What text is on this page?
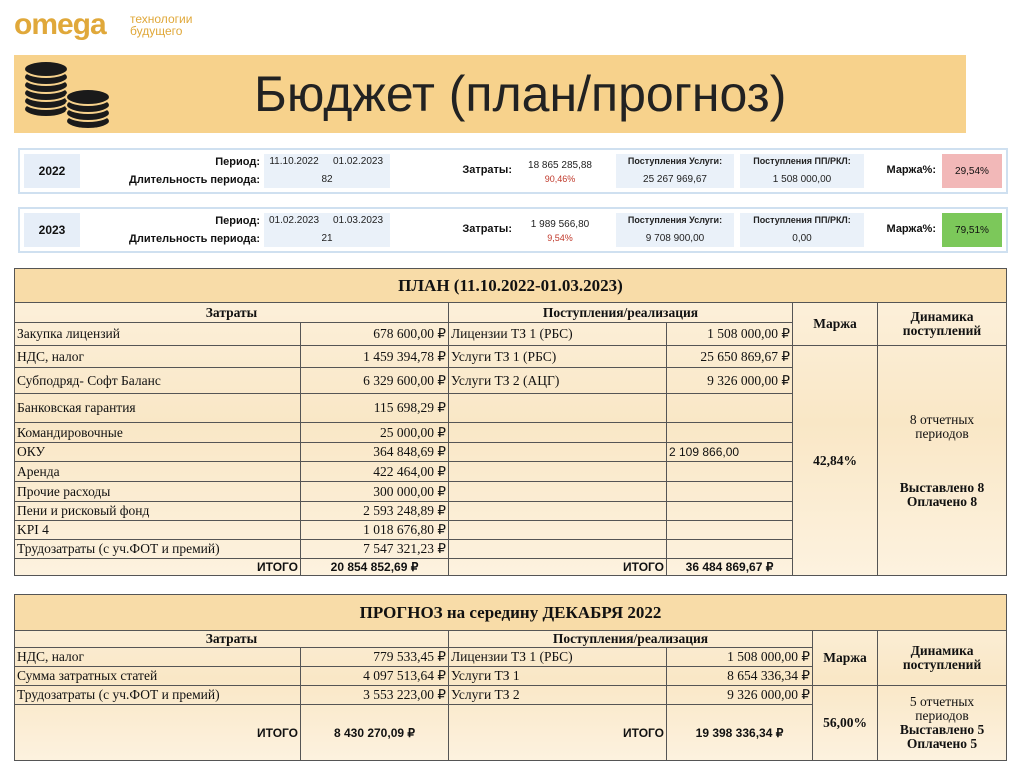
omega технологии будущего
Бюджет (план/прогноз)
2022
Период:
Длительность периода:
11.10.2022	01.02.2023
82
Затраты:	18 865 285,88
90,46%
Поступления Услуги:
25 267 969,67
Поступления ПП/РКЛ:
1 508 000,00
Маржа%:	29,54%
2023
Период:
Длительность периода:
01.02.2023	01.03.2023
21
Затраты:	1 989 566,80
9,54%
Поступления Услуги:
9 708 900,00
Поступления ПП/РКЛ:
0,00
Маржа%:	79,51%
ПЛАН (11.10.2022-01.03.2023)					
Затраты		Поступления/реализация		Маржа	Динамика поступлений
Закупка лицензий	678 600,00 ₽	Лицензии ТЗ 1 (РБС)	1 508 000,00 ₽		
НДС, налог	1 459 394,78 ₽	Услуги ТЗ 1 (РБС)	25 650 869,67 ₽	42,84%	8 отчетных периодов
Выставлено 8
Оплачено 8

Субподряд- Софт Баланс	6 329 600,00 ₽	Услуги ТЗ 2 (АЦГ)	9 326 000,00 ₽		
Банковская гарантия	115 698,29 ₽				
Командировочные	25 000,00 ₽				
ОКУ	364 848,69 ₽		2 109 866,00		
Аренда	422 464,00 ₽				
Прочие расходы	300 000,00 ₽				
Пени и рисковый фонд	2 593 248,89 ₽				
KPI 4	1 018 676,80 ₽				
Трудозатраты (с уч.ФОТ и премий)	7 547 321,23 ₽				
ИТОГО	20 854 852,69 ₽	ИТОГО	36 484 869,67 ₽		
ПРОГНОЗ на середину ДЕКАБРЯ 2022					
Затраты		Поступления/реализация		Маржа	Динамика поступлений
НДС, налог	779 533,45 ₽	Лицензии ТЗ 1 (РБС)	1 508 000,00 ₽		
Сумма затратных статей	4 097 513,64 ₽	Услуги ТЗ 1	8 654 336,34 ₽		
Трудозатраты (с уч.ФОТ и премий)	3 553 223,00 ₽	Услуги ТЗ 2	9 326 000,00 ₽	56,00%	5 отчетных периодов
Выставлено 5
Оплачено 5

ИТОГО	8 430 270,09 ₽	ИТОГО	19 398 336,34 ₽		
